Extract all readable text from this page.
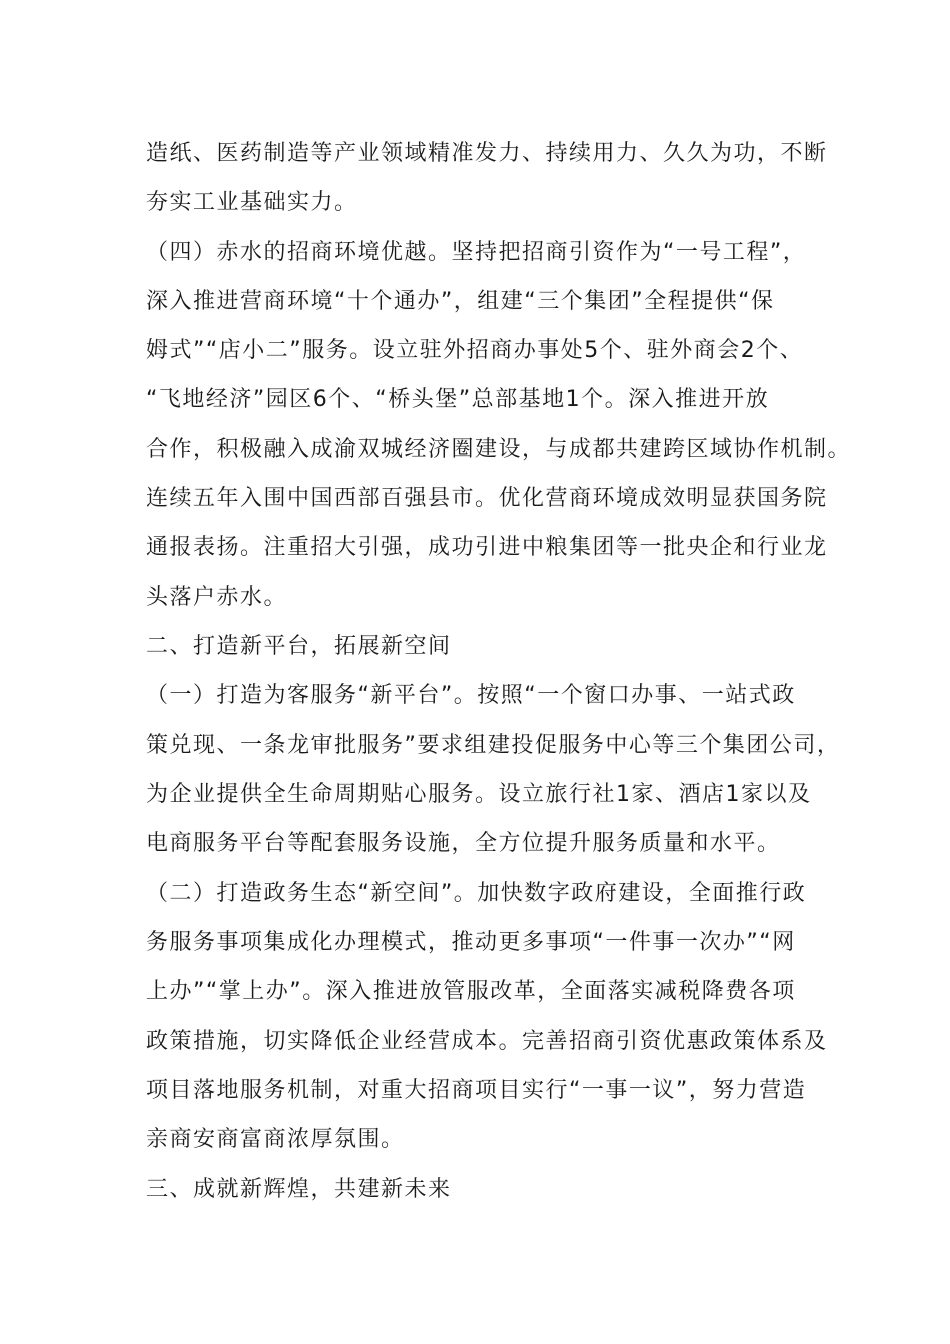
造纸、医药制造等产业领域精准发力、持续用力、久久为功，不断
夯实工业基础实力。
（四）赤水的招商环境优越。坚持把招商引资作为“一号工程”，
深入推进营商环境“十个通办”，组建“三个集团”全程提供“保
姆式”“店小二”服务。设立驻外招商办事处5个、驻外商会2个、
“飞地经济”园区6个、“桥头堡”总部基地1个。深入推进开放
合作，积极融入成渝双城经济圈建设，与成都共建跨区域协作机制。
连续五年入围中国西部百强县市。优化营商环境成效明显获国务院
通报表扬。注重招大引强，成功引进中粮集团等一批央企和行业龙
头落户赤水。
二、打造新平台，拓展新空间
（一）打造为客服务“新平台”。按照“一个窗口办事、一站式政
策兑现、一条龙审批服务”要求组建投促服务中心等三个集团公司，
为企业提供全生命周期贴心服务。设立旅行社1家、酒店1家以及
电商服务平台等配套服务设施，全方位提升服务质量和水平。
（二）打造政务生态“新空间”。加快数字政府建设，全面推行政
务服务事项集成化办理模式，推动更多事项“一件事一次办”“网
上办”“掌上办”。深入推进放管服改革，全面落实减税降费各项
政策措施，切实降低企业经营成本。完善招商引资优惠政策体系及
项目落地服务机制，对重大招商项目实行“一事一议”，努力营造
亲商安商富商浓厚氛围。
三、成就新辉煌，共建新未来
